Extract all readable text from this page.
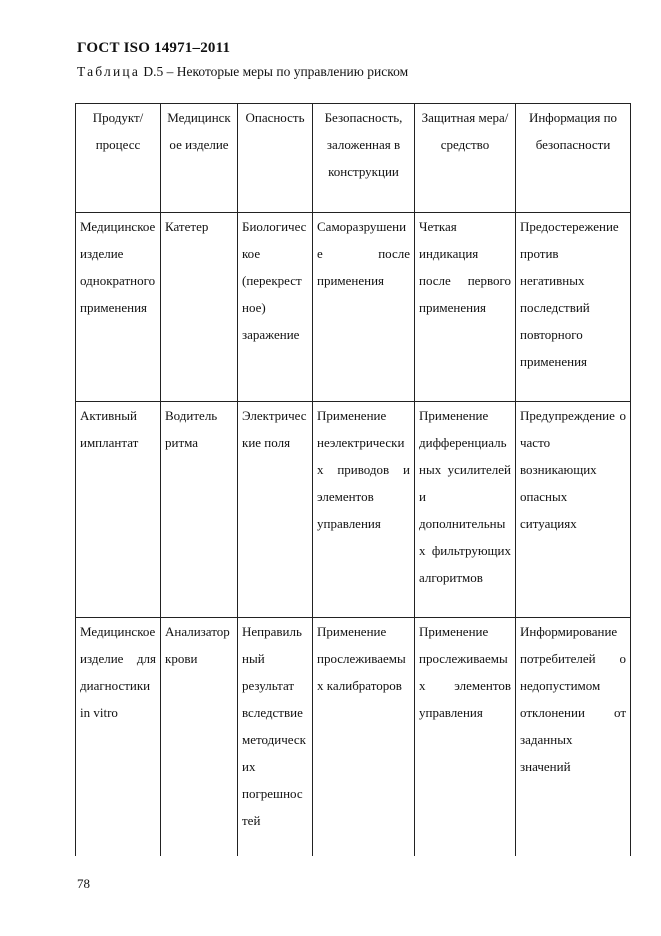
ГОСТ ISO 14971–2011
Таблица D.5 – Некоторые меры по управлению риском
Продукт/ процесс	Медицинское изделие	Опасность	Безопасность, заложенная в конструкции	Защитная мера/ средство	Информация по безопасности
Медицинское изделие однократного применения	Катетер	Биологическое (перекрестное) заражение	Саморазрушение после применения	Четкая индикация после первого применения	Предостережение против негативных последствий повторного применения
Активный имплантат	Водитель ритма	Электрические поля	Применение неэлектрических приводов и элементов управления	Применение дифференциальных усилителей и дополнительных фильтрующих алгоритмов	Предупреждение о часто возникающих опасных ситуациях
Медицинское изделие для диагностики in vitro	Анализатор крови	Неправильный результат вследствие методических погрешностей	Применение прослеживаемых калибраторов	Применение прослеживаемых элементов управления	Информирование потребителей о недопустимом отклонении от заданных значений
78
